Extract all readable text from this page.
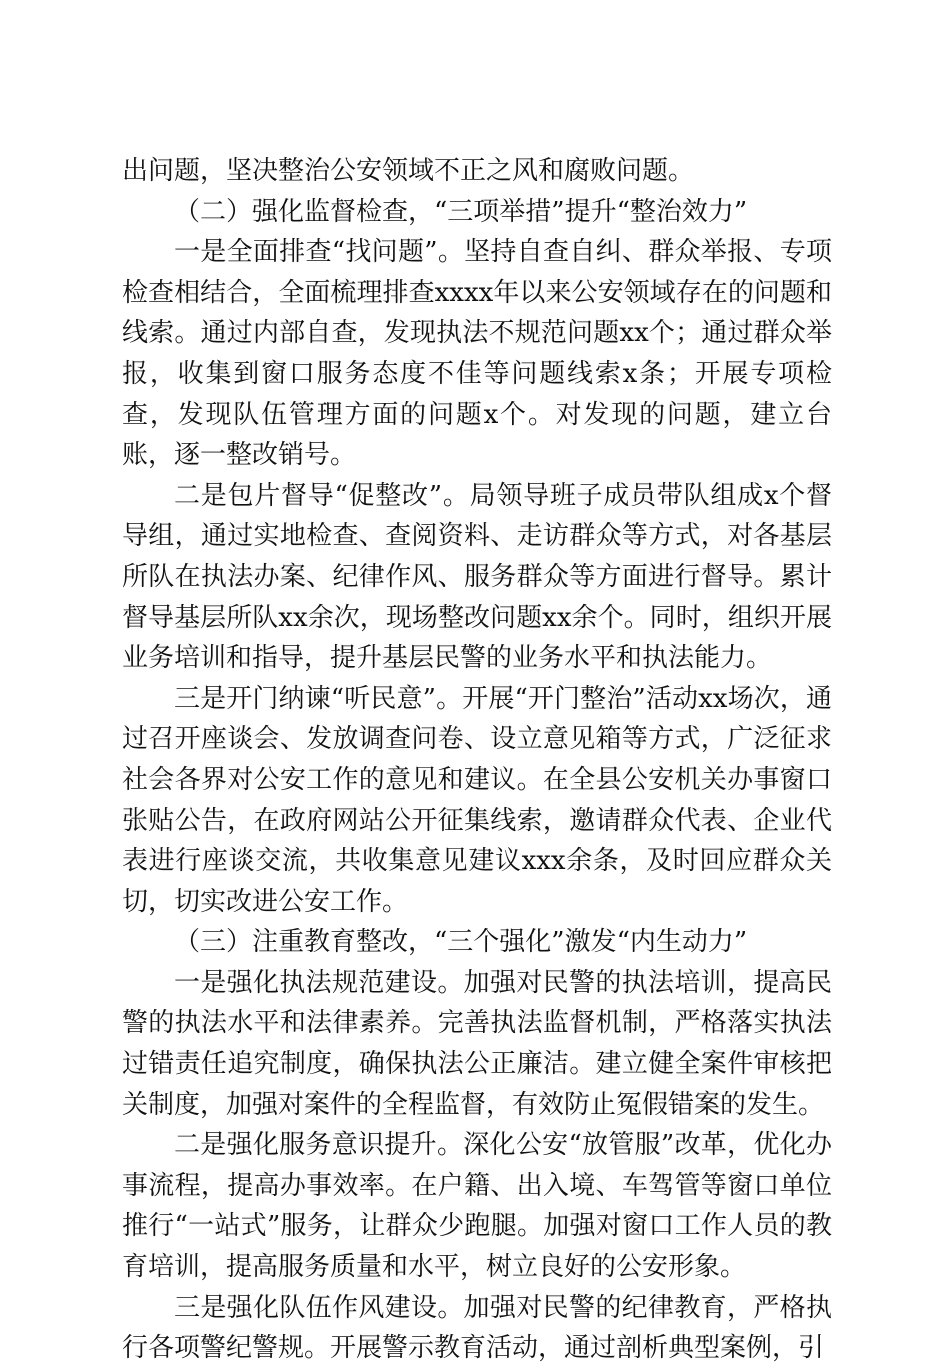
出问题，坚决整治公安领域不正之风和腐败问题。

（二）强化监督检查，“三项举措”提升“整治效力”

一是全面排查“找问题”。坚持自查自纠、群众举报、专项检查相结合，全面梳理排查xxxx年以来公安领域存在的问题和线索。通过内部自查，发现执法不规范问题xx个；通过群众举报，收集到窗口服务态度不佳等问题线索x条；开展专项检查，发现队伍管理方面的问题x个。对发现的问题，建立台账，逐一整改销号。

二是包片督导“促整改”。局领导班子成员带队组成x个督导组，通过实地检查、查阅资料、走访群众等方式，对各基层所队在执法办案、纪律作风、服务群众等方面进行督导。累计督导基层所队xx余次，现场整改问题xx余个。同时，组织开展业务培训和指导，提升基层民警的业务水平和执法能力。

三是开门纳谏“听民意”。开展“开门整治”活动xx场次，通过召开座谈会、发放调查问卷、设立意见箱等方式，广泛征求社会各界对公安工作的意见和建议。在全县公安机关办事窗口张贴公告，在政府网站公开征集线索，邀请群众代表、企业代表进行座谈交流，共收集意见建议xxx余条，及时回应群众关切，切实改进公安工作。

（三）注重教育整改，“三个强化”激发“内生动力”

一是强化执法规范建设。加强对民警的执法培训，提高民警的执法水平和法律素养。完善执法监督机制，严格落实执法过错责任追究制度，确保执法公正廉洁。建立健全案件审核把关制度，加强对案件的全程监督，有效防止冤假错案的发生。

二是强化服务意识提升。深化公安“放管服”改革，优化办事流程，提高办事效率。在户籍、出入境、车驾管等窗口单位推行“一站式”服务，让群众少跑腿。加强对窗口工作人员的教育培训，提高服务质量和水平，树立良好的公安形象。

三是强化队伍作风建设。加强对民警的纪律教育，严格执行各项警纪警规。开展警示教育活动，通过剖析典型案例，引
